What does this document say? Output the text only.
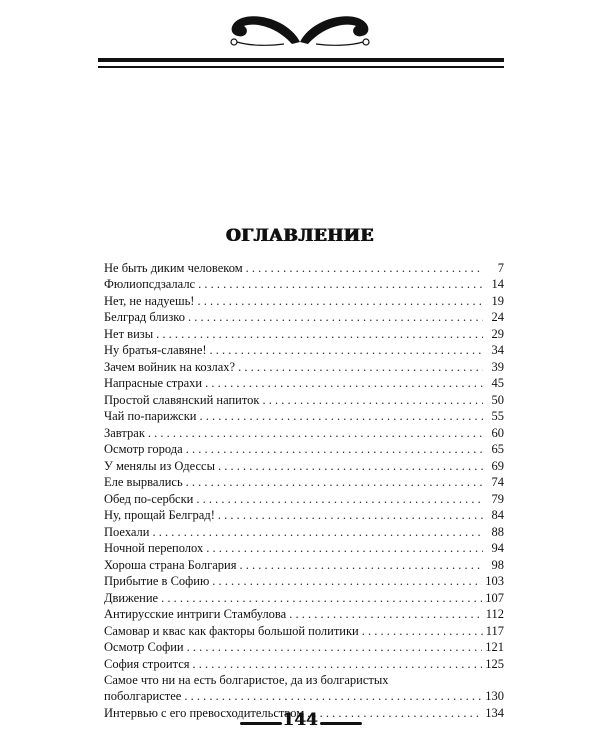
ОГЛАВЛЕНИЕ
Не быть диким человеком . . .	7
Фюлиопсдзалалс . . .	14
Нет, не надуешь! . . .	19
Белград близко . . .	24
Нет визы . . .	29
Ну братья-славяне! . . .	34
Зачем войник на козлах? . . .	39
Напрасные страхи . . .	45
Простой славянский напиток . . .	50
Чай по-парижски . . .	55
Завтрак . . .	60
Осмотр города . . .	65
У менялы из Одессы . . .	69
Еле вырвались . . .	74
Обед по-сербски . . .	79
Ну, прощай Белград! . . .	84
Поехали . . .	88
Ночной переполох . . .	94
Хороша страна Болгария . . .	98
Прибытие в Софию . . .	103
Движение . . .	107
Антирусские интриги Стамбулова . . .	112
Самовар и квас как факторы большой политики . . .	117
Осмотр Софии . . .	121
София строится . . .	125
Самое что ни на есть болгаристое, да из болгаристых
поболгаристее . . .	130
Интервью с его превосходительством . . .	134
144
